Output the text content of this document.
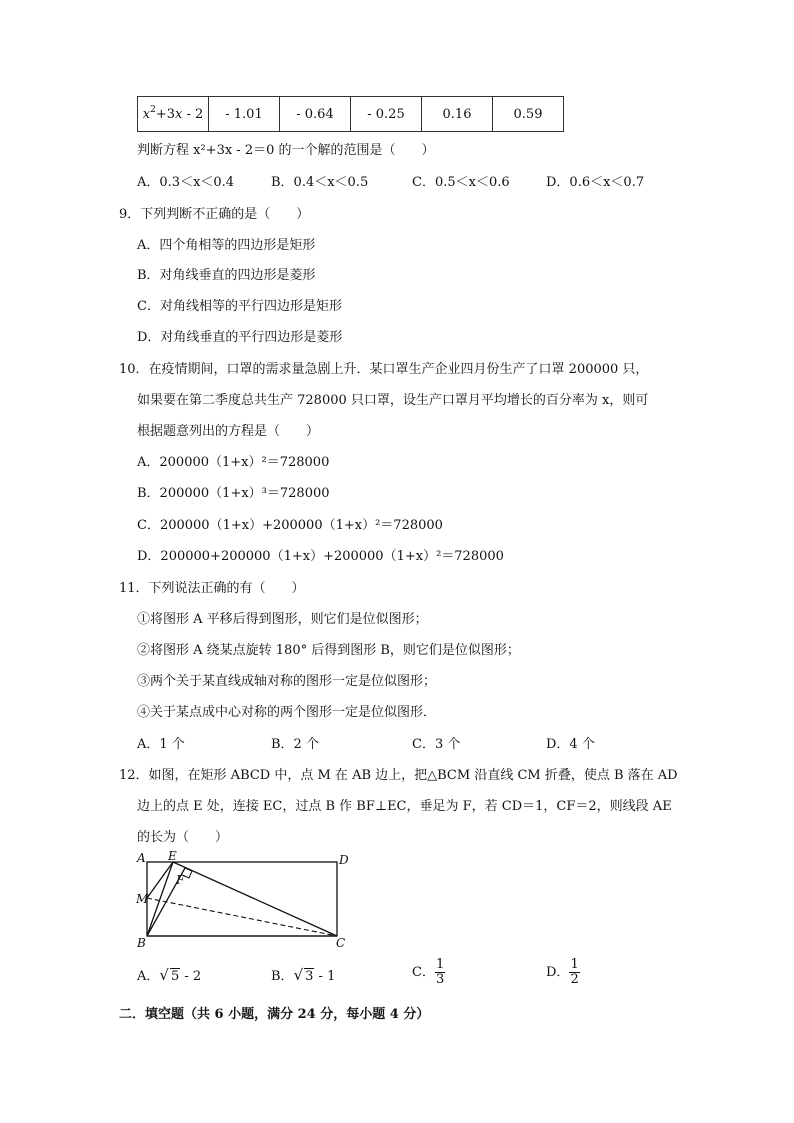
$x^2+3x - 2$	- 1.01	- 0.64	- 0.25	0.16	0.59
判断方程 x²+3x - 2＝0 的一个解的范围是（　　）
A．0.3＜x＜0.4	B．0.4＜x＜0.5	C．0.5＜x＜0.6	D．0.6＜x＜0.7
9．下列判断不正确的是（　　）
A．四个角相等的四边形是矩形
B．对角线垂直的四边形是菱形
C．对角线相等的平行四边形是矩形
D．对角线垂直的平行四边形是菱形
10．在疫情期间，口罩的需求量急剧上升．某口罩生产企业四月份生产了口罩 200000 只，
如果要在第二季度总共生产 728000 只口罩，设生产口罩月平均增长的百分率为 x，则可
根据题意列出的方程是（　　）
A．200000（1+x）²＝728000
B．200000（1+x）³＝728000
C．200000（1+x）+200000（1+x）²＝728000
D．200000+200000（1+x）+200000（1+x）²＝728000
11．下列说法正确的有（　　）
①将图形 A 平移后得到图形，则它们是位似图形；
②将图形 A 绕某点旋转 180° 后得到图形 B，则它们是位似图形；
③两个关于某直线成轴对称的图形一定是位似图形；
④关于某点成中心对称的两个图形一定是位似图形．
A．1 个	B．2 个	C．3 个	D．4 个
12．如图，在矩形 ABCD 中，点 M 在 AB 边上，把△BCM 沿直线 CM 折叠，使点 B 落在 AD
边上的点 E 处，连接 EC，过点 B 作 BF⊥EC，垂足为 F，若 CD＝1，CF＝2，则线段 AE
的长为（　　）
A E	D
F
M
B	C
A．√ 5 - 2	B．√ 3 - 1	C． $\frac{1}{3}$	D． $\frac{1}{2}$
二．填空题（共 6 小题，满分 24 分，每小题 4 分）
